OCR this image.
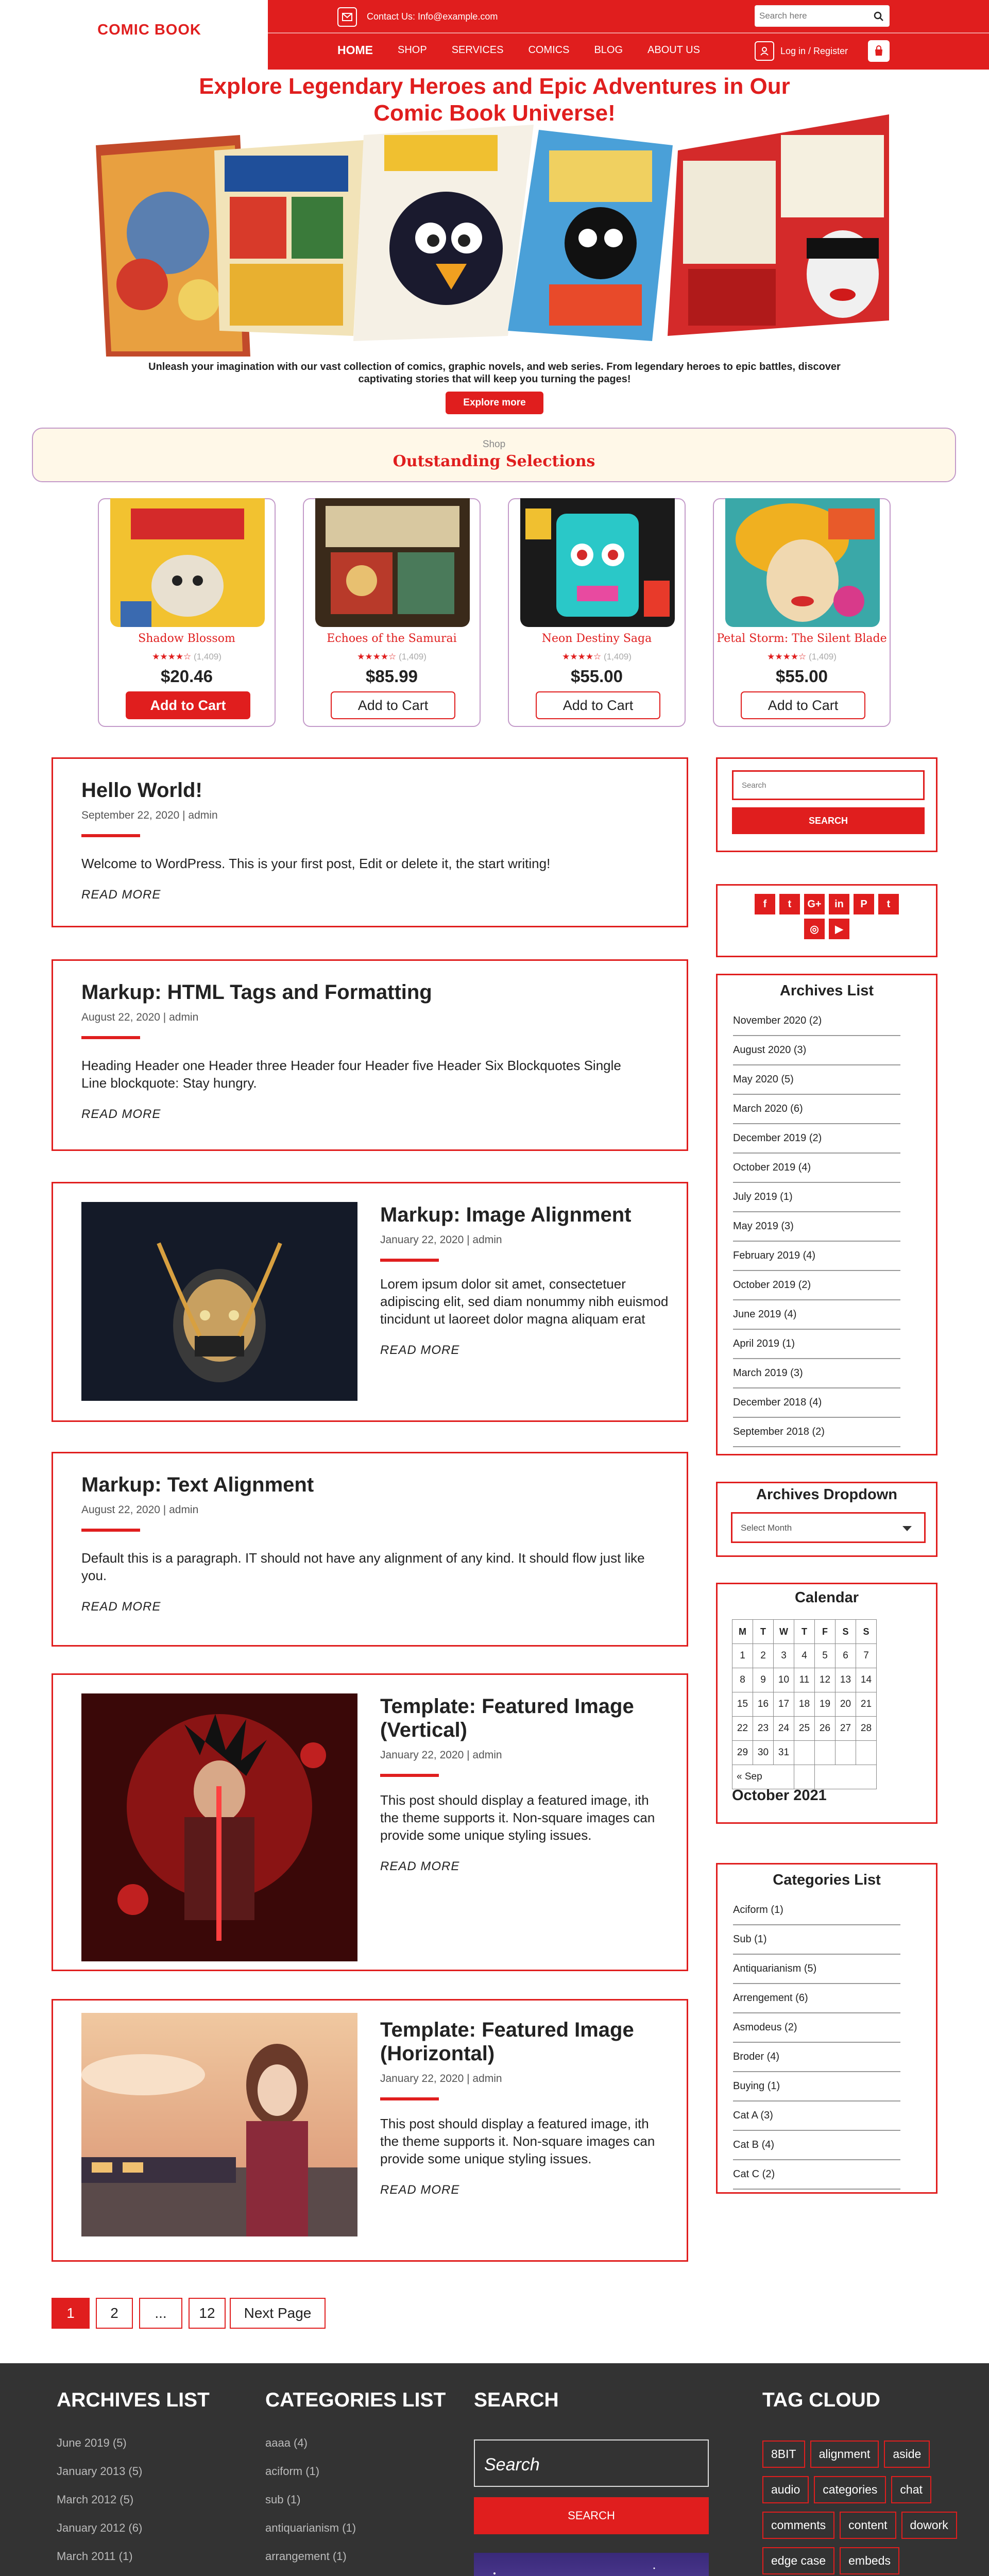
COMIC BOOK
Contact Us: Info@example.com
Search here
HOME SHOP SERVICES COMICS BLOG ABOUT US	Log in / Register
Explore Legendary Heroes and Epic Adventures in Our Comic Book Universe!
Unleash your imagination with our vast collection of comics, graphic novels, and web series. From legendary heroes to epic battles, discover captivating stories that will keep you turning the pages!
Explore more
Shop
Outstanding Selections
Shadow Blossom
★★★★☆ (1,409)
$20.46
Add to Cart
Echoes of the Samurai
★★★★☆ (1,409)
$85.99
Add to Cart
Neon Destiny Saga
★★★★☆ (1,409)
$55.00
Add to Cart
Petal Storm: The Silent Blade
★★★★☆ (1,409)
$55.00
Add to Cart
Hello World!
September 22, 2020 | admin
Welcome to WordPress. This is your first post, Edit or delete it, the start writing!
READ MORE
Markup: HTML Tags and Formatting
August 22, 2020 | admin
Heading Header one Header three Header four Header five Header Six Blockquotes Single Line blockquote: Stay hungry.
READ MORE
Markup: Image Alignment
January 22, 2020 | admin
Lorem ipsum dolor sit amet, consectetuer adipiscing elit, sed diam nonummy nibh euismod tincidunt ut laoreet dolor magna aliquam erat
READ MORE
Markup: Text Alignment
August 22, 2020 | admin
Default this is a paragraph. IT should not have any alignment of any kind. It should flow just like you.
READ MORE
Template: Featured Image (Vertical)
January 22, 2020 | admin
This post should display a featured image, ith the theme supports it. Non-square images can provide some unique styling issues.
READ MORE
Template: Featured Image (Horizontal)
January 22, 2020 | admin
This post should display a featured image, ith the theme supports it. Non-square images can provide some unique styling issues.
READ MORE
1	2	...	12	Next Page
Search
SEARCH
f	t	G+	in	P	t
◎	▶
Archives List
November 2020 (2)
August 2020 (3)
May 2020 (5)
March 2020 (6)
December 2019 (2)
October 2019 (4)
July 2019 (1)
May 2019 (3)
February 2019 (4)
October 2019 (2)
June 2019 (4)
April 2019 (1)
March 2019 (3)
December 2018 (4)
September 2018 (2)
Archives Dropdown
Select Month
Calendar
M	T	W	T	F	S	S
1	2	3	4	5	6	7
8	9	10	11	12	13	14
15	16	17	18	19	20	21
22	23	24	25	26	27	28
29	30	31				
« Sep						
October 2021
Categories List
Aciform (1)
Sub (1)
Antiquarianism (5)
Arrengement (6)
Asmodeus (2)
Broder (4)
Buying (1)
Cat A (3)
Cat B (4)
Cat C (2)
ARCHIVES LIST
June 2019 (5)
January 2013 (5)
March 2012 (5)
January 2012 (6)
March 2011 (1)
CATEGORIES LIST
aaaa (4)
aciform (1)
sub (1)
antiquarianism (1)
arrangement (1)
SEARCH
Search
SEARCH
TAG CLOUD
8BIT	alignment	aside
audio	categories	chat
comments	content	dowork
edge case	embeds
